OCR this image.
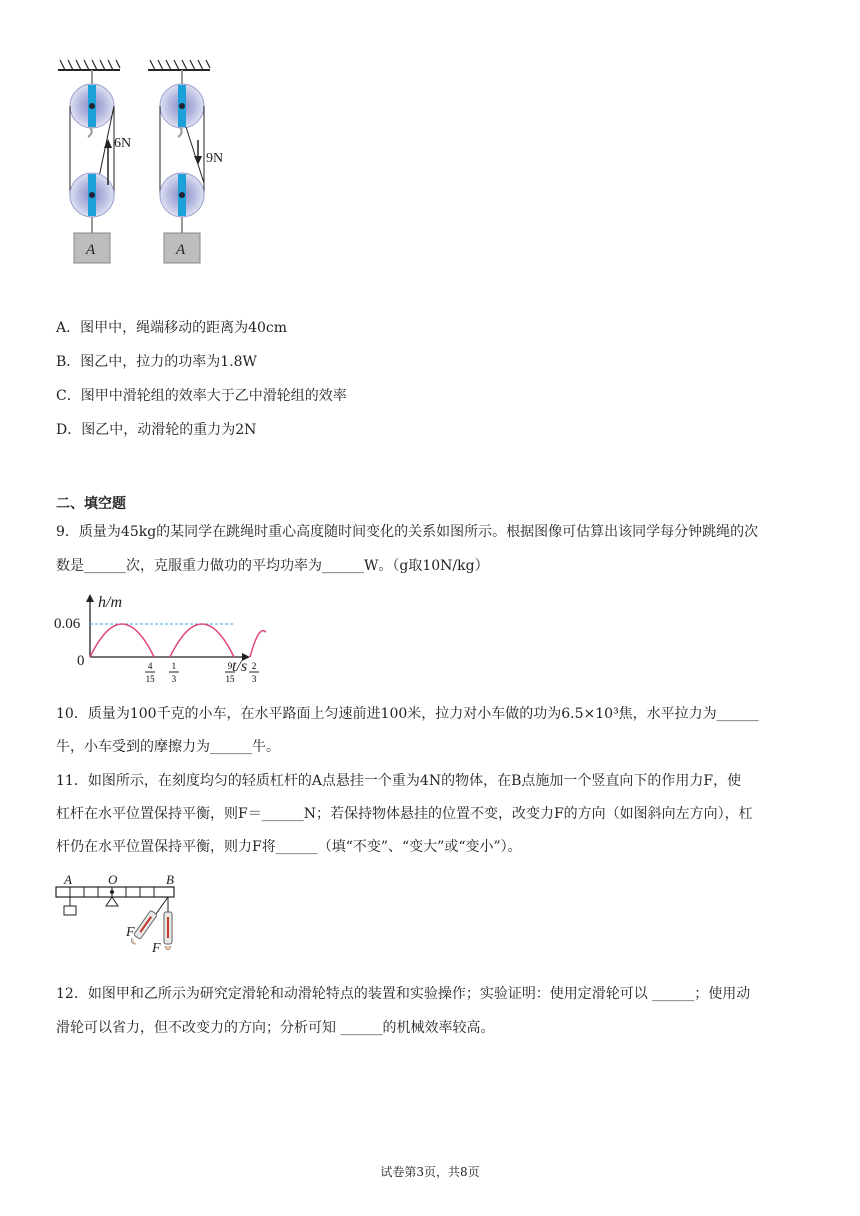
A
6N
A
9N
A．图甲中，绳端移动的距离为40cm
B．图乙中，拉力的功率为1.8W
C．图甲中滑轮组的效率大于乙中滑轮组的效率
D．图乙中，动滑轮的重力为2N
二、填空题
9．质量为45kg的某同学在跳绳时重心高度随时间变化的关系如图所示。根据图像可估算出该同学每分钟跳绳的次
数是______次，克服重力做功的平均功率为______W。（g取10N/kg）
4
15
1
3
9
15
2
3
h/m
t/s
0.06
0
10．质量为100千克的小车，在水平路面上匀速前进100米，拉力对小车做的功为6.5×10³焦，水平拉力为______
牛，小车受到的摩擦力为______牛。
11．如图所示，在刻度均匀的轻质杠杆的A点悬挂一个重为4N的物体，在B点施加一个竖直向下的作用力F，使
杠杆在水平位置保持平衡，则F＝______N；若保持物体悬挂的位置不变，改变力F的方向（如图斜向左方向），杠
杆仍在水平位置保持平衡，则力F将______（填“不变”、“变大”或“变小”）。
A	O	B
F
F
12．如图甲和乙所示为研究定滑轮和动滑轮特点的装置和实验操作；实验证明：使用定滑轮可以 ______；使用动
滑轮可以省力，但不改变力的方向；分析可知 ______的机械效率较高。
试卷第3页，共8页
